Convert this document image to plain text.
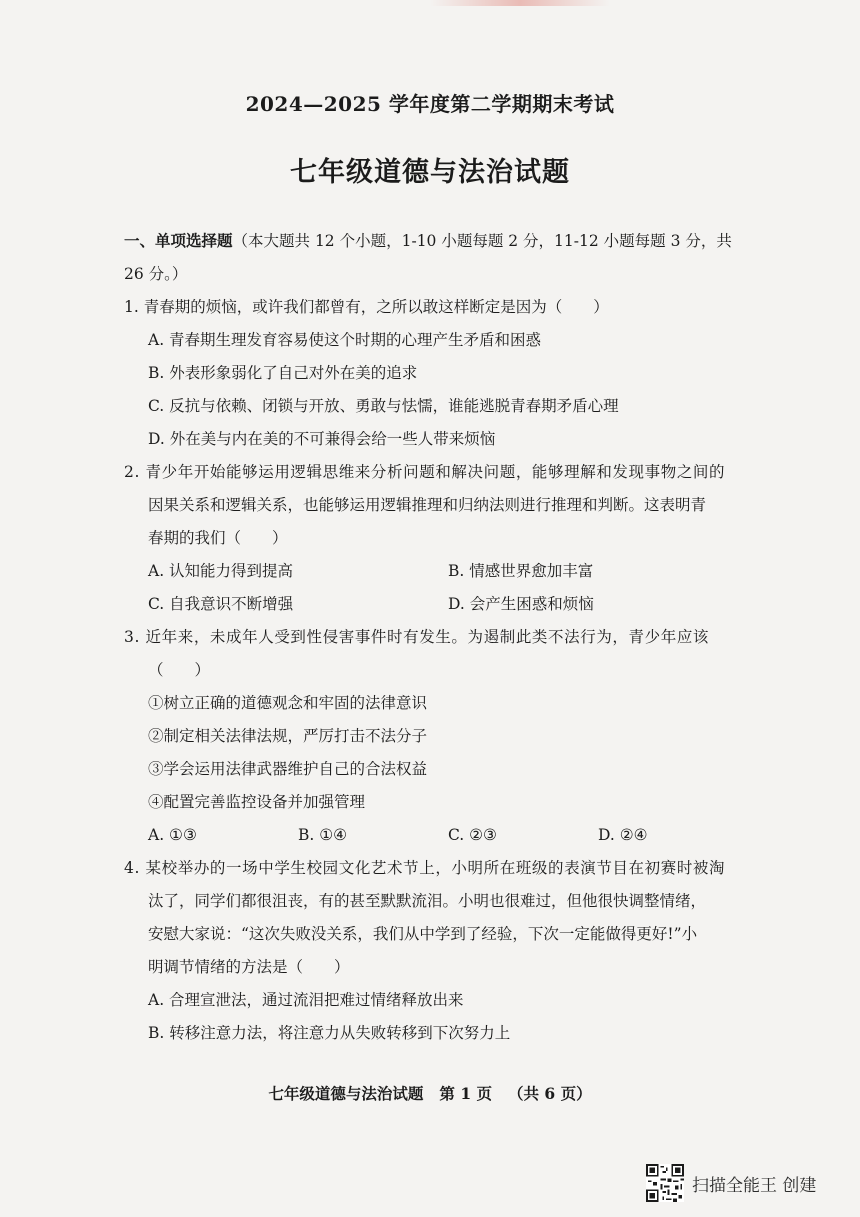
2024—2025 学年度第二学期期末考试
七年级道德与法治试题
一、单项选择题（本大题共 12 个小题，1-10 小题每题 2 分，11-12 小题每题 3 分，共
26 分。）
1. 青春期的烦恼，或许我们都曾有，之所以敢这样断定是因为（　　）
A. 青春期生理发育容易使这个时期的心理产生矛盾和困惑
B. 外表形象弱化了自己对外在美的追求
C. 反抗与依赖、闭锁与开放、勇敢与怯懦，谁能逃脱青春期矛盾心理
D. 外在美与内在美的不可兼得会给一些人带来烦恼
2. 青少年开始能够运用逻辑思维来分析问题和解决问题，能够理解和发现事物之间的
因果关系和逻辑关系，也能够运用逻辑推理和归纳法则进行推理和判断。这表明青
春期的我们（　　）
A. 认知能力得到提高	B. 情感世界愈加丰富
C. 自我意识不断增强	D. 会产生困惑和烦恼
3. 近年来，未成年人受到性侵害事件时有发生。为遏制此类不法行为，青少年应该
（　　）
①树立正确的道德观念和牢固的法律意识
②制定相关法律法规，严厉打击不法分子
③学会运用法律武器维护自己的合法权益
④配置完善监控设备并加强管理
A. ①③	B. ①④	C. ②③	D. ②④
4. 某校举办的一场中学生校园文化艺术节上，小明所在班级的表演节目在初赛时被淘
汰了，同学们都很沮丧，有的甚至默默流泪。小明也很难过，但他很快调整情绪，
安慰大家说：“这次失败没关系，我们从中学到了经验，下次一定能做得更好!”小
明调节情绪的方法是（　　）
A. 合理宣泄法，通过流泪把难过情绪释放出来
B. 转移注意力法，将注意力从失败转移到下次努力上
七年级道德与法治试题 第 1 页 （共 6 页）
扫描全能王 创建
